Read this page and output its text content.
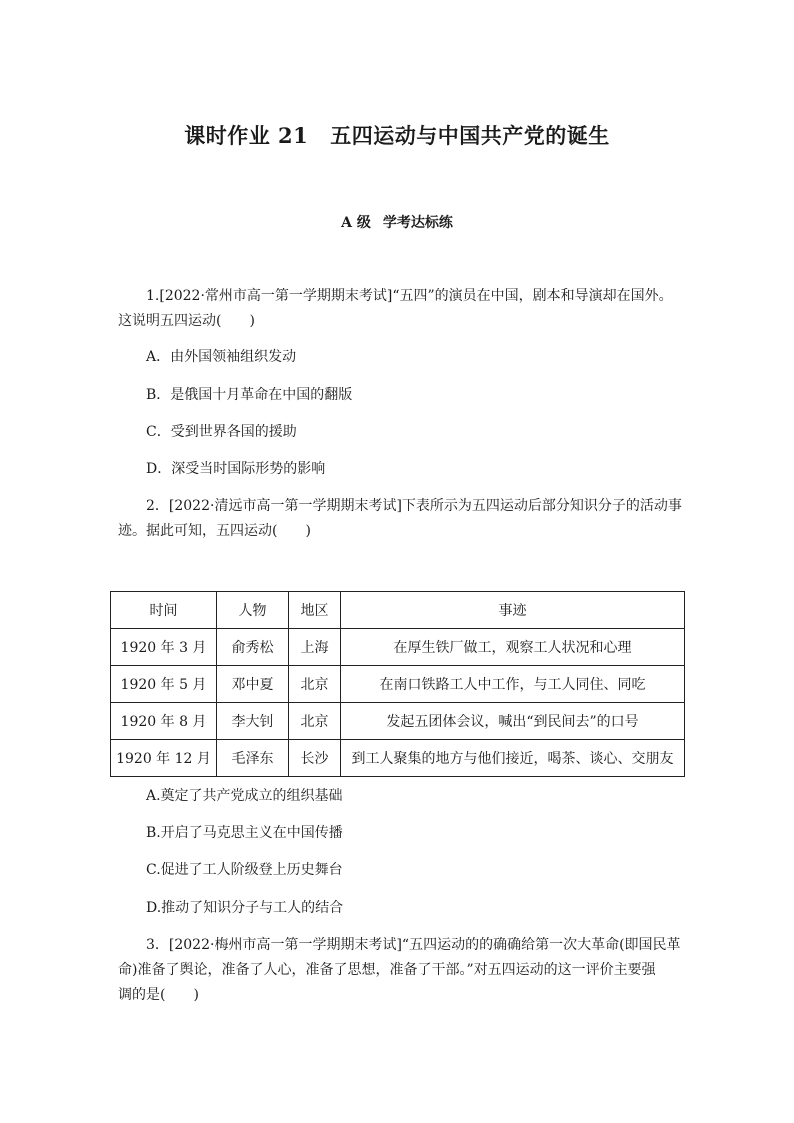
课时作业 21 五四运动与中国共产党的诞生
A 级 学考达标练
1.[2022·常州市高一第一学期期末考试]“五四”的演员在中国，剧本和导演却在国外。
这说明五四运动(　　)
A．由外国领袖组织发动
B．是俄国十月革命在中国的翻版
C．受到世界各国的援助
D．深受当时国际形势的影响
2．[2022·清远市高一第一学期期末考试]下表所示为五四运动后部分知识分子的活动事
迹。据此可知，五四运动(　　)
时间	人物	地区	事迹
1920 年 3 月	俞秀松	上海	在厚生铁厂做工，观察工人状况和心理
1920 年 5 月	邓中夏	北京	在南口铁路工人中工作，与工人同住、同吃
1920 年 8 月	李大钊	北京	发起五团体会议，喊出“到民间去”的口号
1920 年 12 月	毛泽东	长沙	到工人聚集的地方与他们接近，喝茶、谈心、交朋友
A.奠定了共产党成立的组织基础
B.开启了马克思主义在中国传播
C.促进了工人阶级登上历史舞台
D.推动了知识分子与工人的结合
3．[2022·梅州市高一第一学期期末考试]“五四运动的的确确给第一次大革命(即国民革
命)准备了舆论，准备了人心，准备了思想，准备了干部。”对五四运动的这一评价主要强
调的是(　　)
